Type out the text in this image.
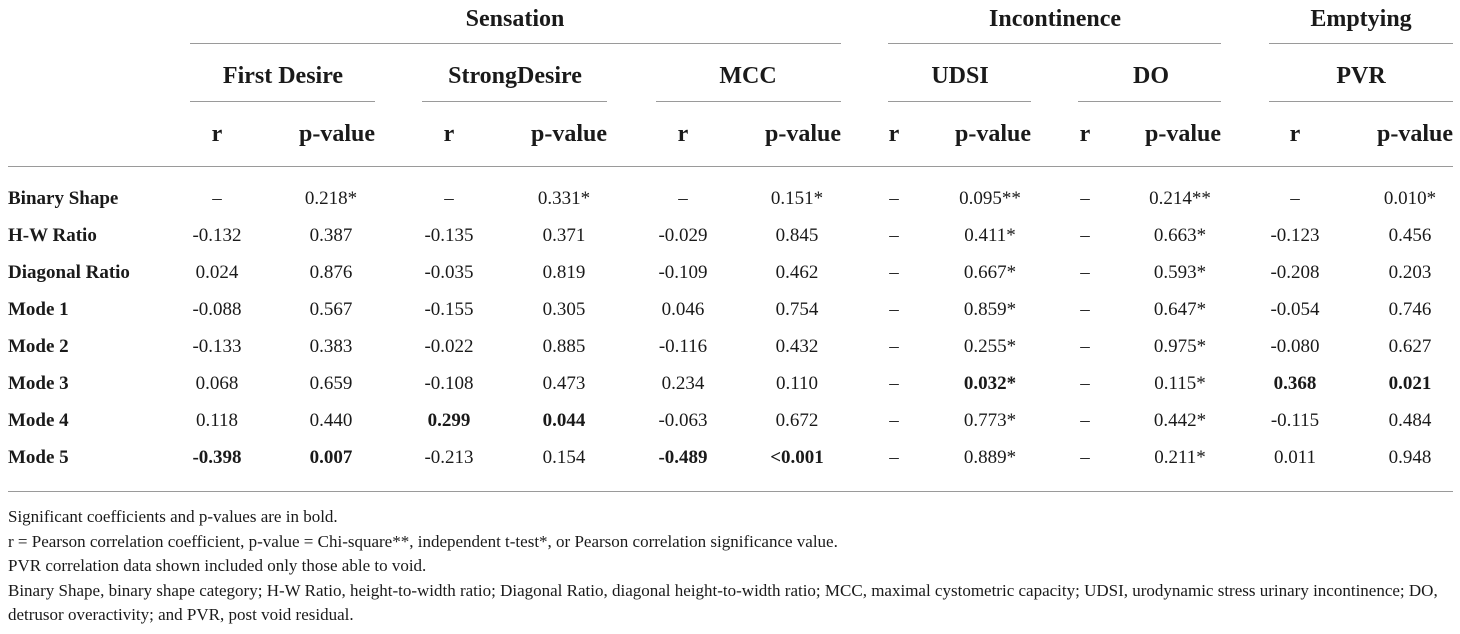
Sensation	Incontinence	Emptying
First Desire	StrongDesire	MCC	UDSI	DO	PVR
r	p-value	r	p-value	r	p-value r p-value r p-value	r	p-value
Binary Shape	–	0.218*	–	0.331*	–	0.151*	–	0.095**	–	0.214**	–	0.010*
H-W Ratio	-0.132	0.387	-0.135	0.371	-0.029	0.845	–	0.411*	–	0.663*	-0.123	0.456
Diagonal Ratio	0.024	0.876	-0.035	0.819	-0.109	0.462	–	0.667*	–	0.593*	-0.208	0.203
Mode 1	-0.088	0.567	-0.155	0.305	0.046	0.754	–	0.859*	–	0.647*	-0.054	0.746
Mode 2	-0.133	0.383	-0.022	0.885	-0.116	0.432	–	0.255*	–	0.975*	-0.080	0.627
Mode 3	0.068	0.659	-0.108	0.473	0.234	0.110	–	0.032*	–	0.115*	0.368	0.021
Mode 4	0.118	0.440	0.299	0.044	-0.063	0.672	–	0.773*	–	0.442*	-0.115	0.484
Mode 5	-0.398	0.007	-0.213	0.154	-0.489	<0.001	–	0.889*	–	0.211*	0.011	0.948
Significant coefficients and p-values are in bold.
r = Pearson correlation coefficient, p-value = Chi-square**, independent t-test*, or Pearson correlation significance value.
PVR correlation data shown included only those able to void.
Binary Shape, binary shape category; H-W Ratio, height-to-width ratio; Diagonal Ratio, diagonal height-to-width ratio; MCC, maximal cystometric capacity; UDSI, urodynamic stress urinary incontinence; DO, detrusor overactivity; and PVR, post void residual.
